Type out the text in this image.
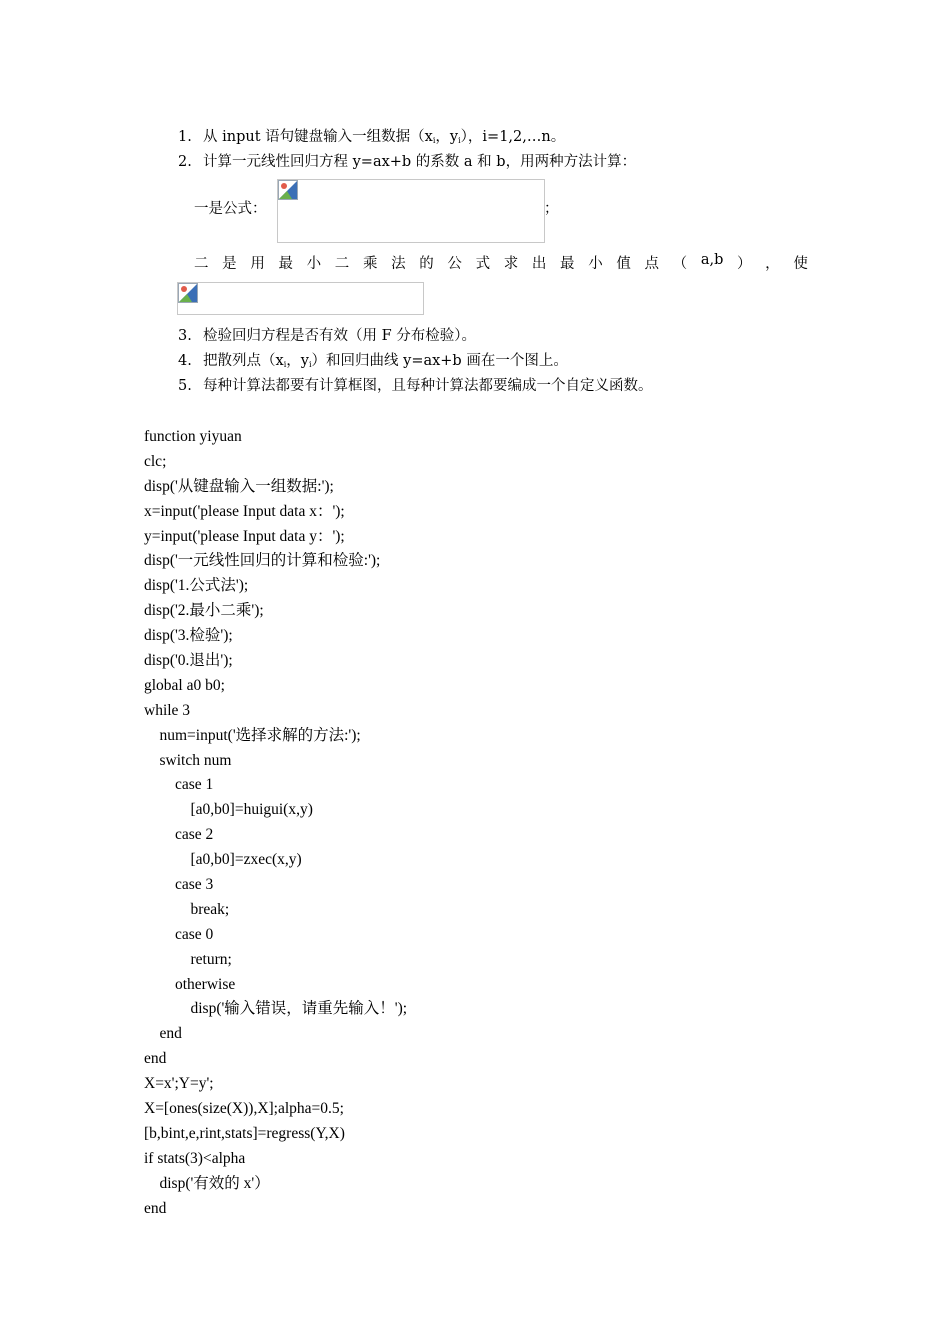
1. 从 input 语句键盘输入一组数据（$x_i$，$y_i$），i=1,2,…n。
2. 计算一元线性回归方程 y=ax+b 的系数 a 和 b，用两种方法计算：
一是公式：	；
二 是 用 最 小 二 乘 法 的 公 式 求 出 最 小 值 点 （ a,b ） ， 使
3. 检验回归方程是否有效（用 F 分布检验）。
4. 把散列点（$x_i$，$y_i$）和回归曲线 y=ax+b 画在一个图上。
5. 每种计算法都要有计算框图，且每种计算法都要编成一个自定义函数。
function yiyuan
clc;
disp('从键盘输入一组数据:');
x=input('please Input data x：');
y=input('please Input data y：');
disp('一元线性回归的计算和检验:');
disp('1.公式法');
disp('2.最小二乘');
disp('3.检验');
disp('0.退出');
global a0 b0;
while 3
num=input('选择求解的方法:');
switch num
case 1
[a0,b0]=huigui(x,y)
case 2
[a0,b0]=zxec(x,y)
case 3
break;
case 0
return;
otherwise
disp('输入错误，请重先输入！');
end
end
X=x';Y=y';
X=[ones(size(X)),X];alpha=0.5;
[b,bint,e,rint,stats]=regress(Y,X)
if stats(3)<alpha
disp('有效的 x'）
end
